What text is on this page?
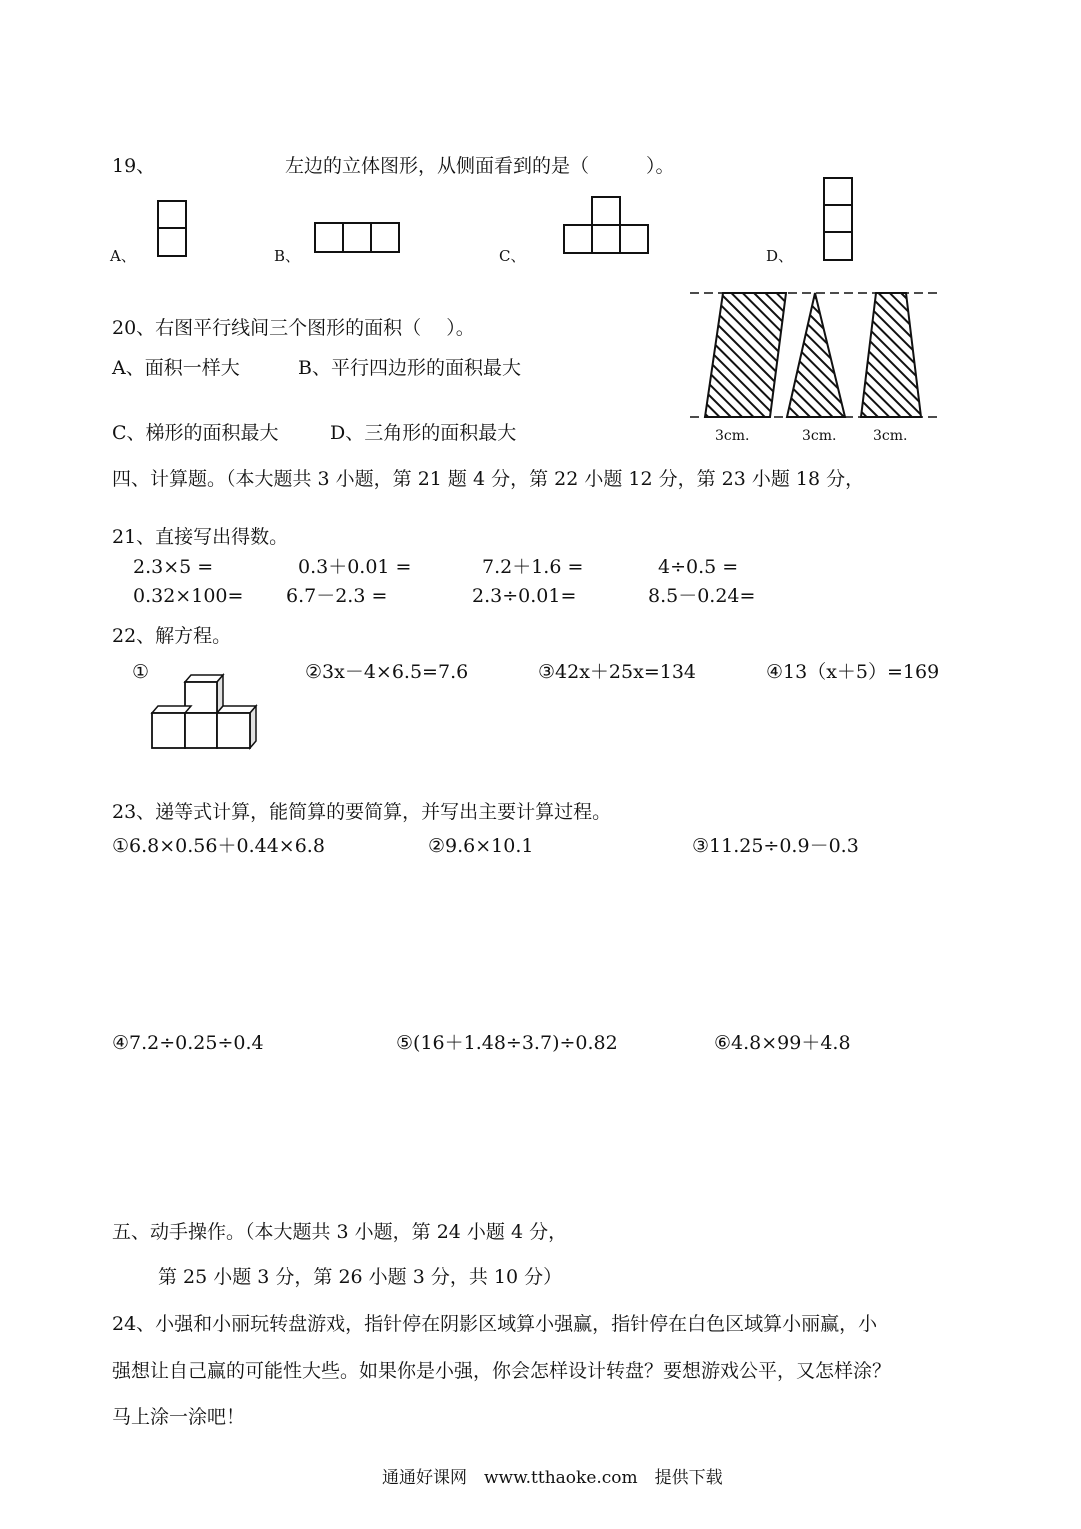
19、	左边的立体图形，从侧面看到的是（　　　）。
A、	B、	C、	D、
20、右图平行线间三个图形的面积（　 ）。
A、面积一样大	B、平行四边形的面积最大
C、梯形的面积最大	D、三角形的面积最大	3cm.	3cm.	3cm.
四、计算题。（本大题共 3 小题，第 21 题 4 分，第 22 小题 12 分，第 23 小题 18 分，
21、直接写出得数。
2.3×5 =	0.3＋0.01 =	7.2＋1.6 =	4÷0.5 =
0.32×100= 6.7－2.3 =	2.3÷0.01=	8.5－0.24=
22、解方程。
①	②3x－4×6.5=7.6	③42x＋25x=134	④13（x＋5）=169
23、递等式计算，能简算的要简算，并写出主要计算过程。
①6.8×0.56＋0.44×6.8	②9.6×10.1	③11.25÷0.9－0.3
④7.2÷0.25÷0.4	⑤(16＋1.48÷3.7)÷0.82	⑥4.8×99＋4.8
五、动手操作。（本大题共 3 小题，第 24 小题 4 分，
第 25 小题 3 分，第 26 小题 3 分，共 10 分）
24、小强和小丽玩转盘游戏，指针停在阴影区域算小强赢，指针停在白色区域算小丽赢，小
强想让自己赢的可能性大些。如果你是小强，你会怎样设计转盘？要想游戏公平，又怎样涂？
马上涂一涂吧！
通通好课网　www.tthaoke.com　提供下载
